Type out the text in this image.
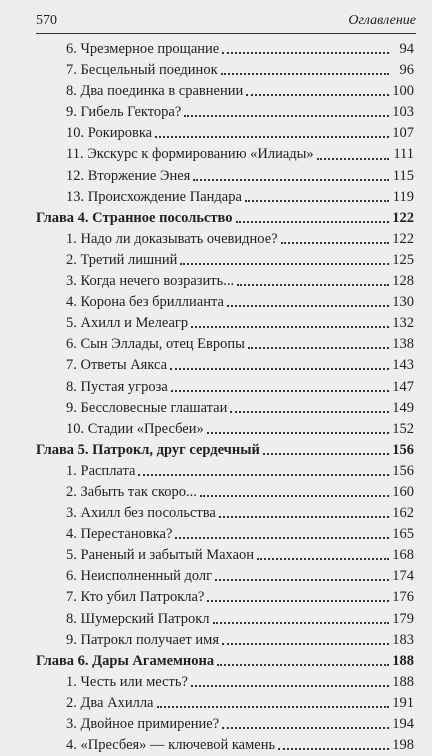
570	Оглавление
6. Чрезмерное прощание	94
7. Бесцельный поединок	96
8. Два поединка в сравнении	100
9. Гибель Гектора?	103
10. Рокировка	107
11. Экскурс к формированию «Илиады»	111
12. Вторжение Энея	115
13. Происхождение Пандара	119
Глава 4. Странное посольство	122
1. Надо ли доказывать очевидное?	122
2. Третий лишний	125
3. Когда нечего возразить...	128
4. Корона без бриллианта	130
5. Ахилл и Мелеагр	132
6. Сын Эллады, отец Европы	138
7. Ответы Аякса	143
8. Пустая угроза	147
9. Бессловесные глашатаи	149
10. Стадии «Пресбеи»	152
Глава 5. Патрокл, друг сердечный	156
1. Расплата	156
2. Забыть так скоро...	160
3. Ахилл без посольства	162
4. Перестановка?	165
5. Раненый и забытый Махаон	168
6. Неисполненный долг	174
7. Кто убил Патрокла?	176
8. Шумерский Патрокл	179
9. Патрокл получает имя	183
Глава 6. Дары Агамемнона	188
1. Честь или месть?	188
2. Два Ахилла	191
3. Двойное примирение?	194
4. «Пресбея» — ключевой камень	198
